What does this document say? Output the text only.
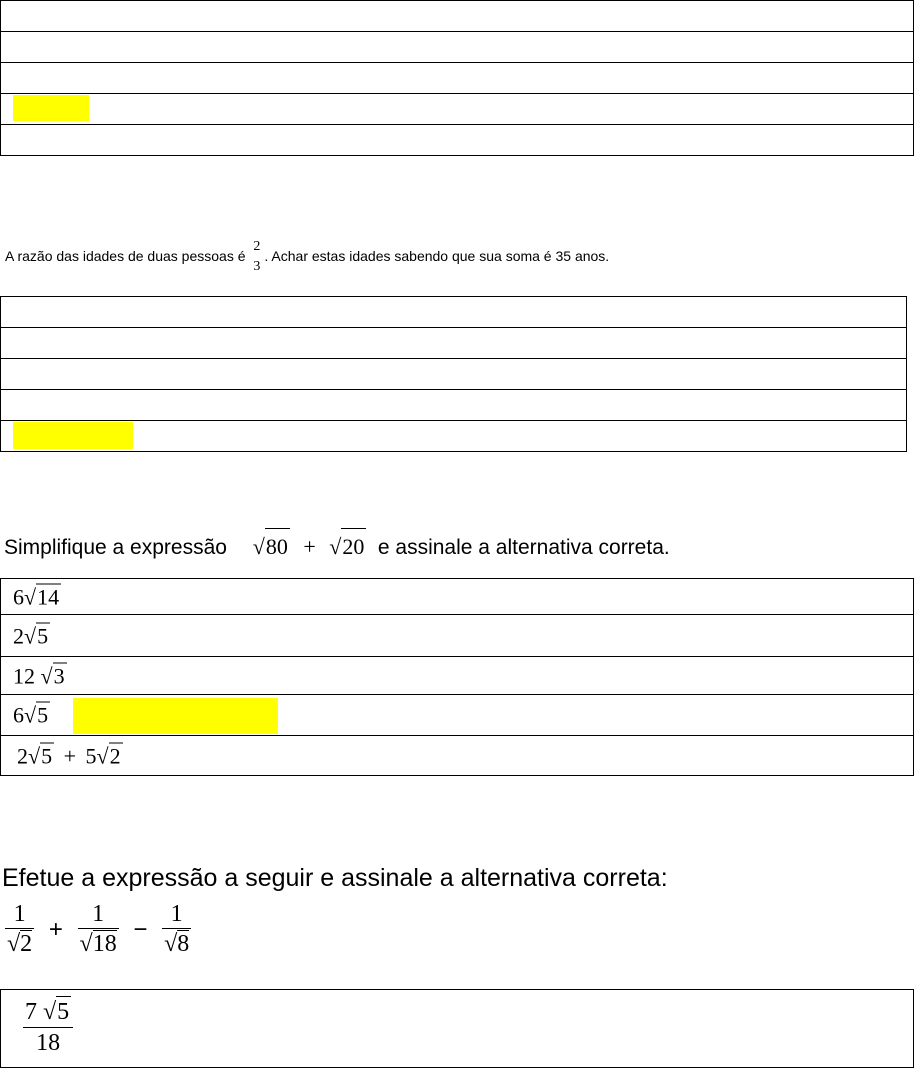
A razão das idades de duas pessoas é
2
3
. Achar estas idades sabendo que sua soma é 35 anos.
Simplifique a expressão √80 + √20 e assinale a alternativa correta.
6√14
2√5
12 √3
6√5
2√5 + 5√2
Efetue a expressão a seguir e assinale a alternativa correta:
$\frac{1}{√2} + \frac{1}{√18} - \frac{1}{√8}$
$\frac{7 √5}{18}$
